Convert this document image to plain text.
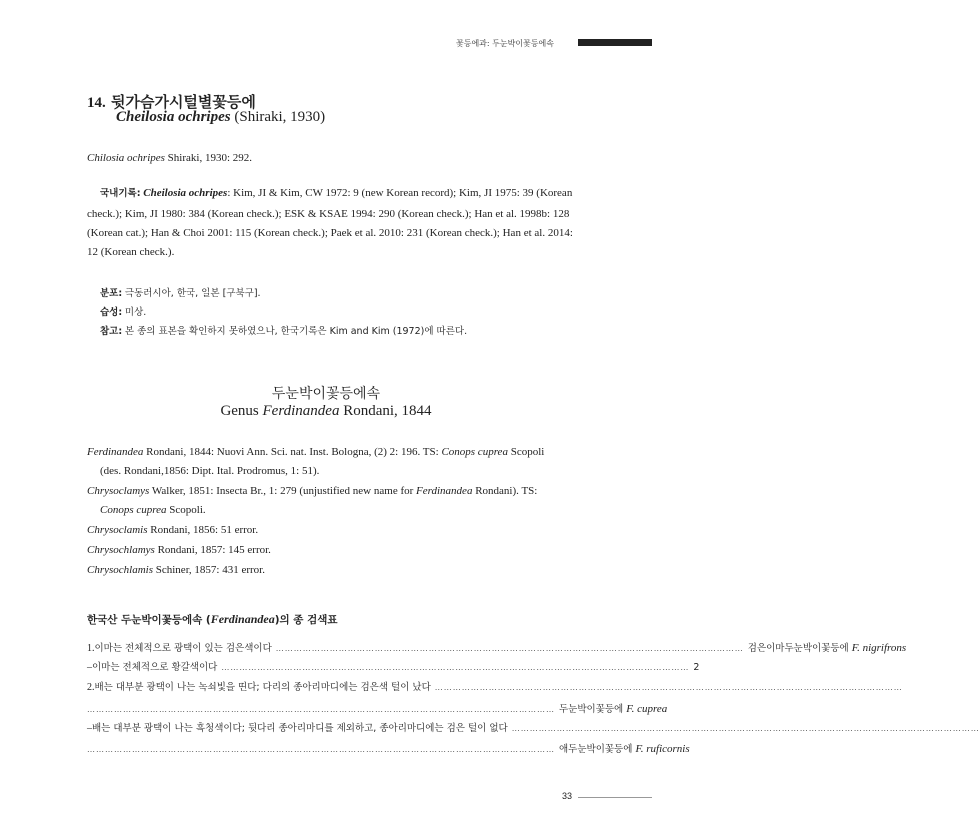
꽃등에과: 두눈박이꽃등에속
14. 뒷가슴가시털별꽃등에
Cheilosia ochripes (Shiraki, 1930)
Chilosia ochripes Shiraki, 1930: 292.
국내기록: Cheilosia ochripes: Kim, JI & Kim, CW 1972: 9 (new Korean record); Kim, JI 1975: 39 (Korean
check.); Kim, JI 1980: 384 (Korean check.); ESK & KSAE 1994: 290 (Korean check.); Han et al. 1998b: 128
(Korean cat.); Han & Choi 2001: 115 (Korean check.); Paek et al. 2010: 231 (Korean check.); Han et al. 2014:
12 (Korean check.).
분포: 극동러시아, 한국, 일본 [구북구].
습성: 미상.
참고: 본 종의 표본을 확인하지 못하였으나, 한국기록은 Kim and Kim (1972)에 따른다.
두눈박이꽃등에속
Genus Ferdinandea Rondani, 1844
Ferdinandea Rondani, 1844: Nuovi Ann. Sci. nat. Inst. Bologna, (2) 2: 196. TS: Conops cuprea Scopoli
(des. Rondani,1856: Dipt. Ital. Prodromus, 1: 51).
Chrysoclamys Walker, 1851: Insecta Br., 1: 279 (unjustified new name for Ferdinandea Rondani). TS:
Conops cuprea Scopoli.
Chrysoclamis Rondani, 1856: 51 error.
Chrysochlamys Rondani, 1857: 145 error.
Chrysochlamis Schiner, 1857: 431 error.
한국산 두눈박이꽃등에속 (Ferdinandea)의 종 검색표
1. 이마는 전체적으로 광택이 있는 검은색이다 ………………………………………………………………………………………………………………………………………… 검은이마두눈박이꽃등에 F. nigrifrons
– 이마는 전체적으로 황갈색이다 ………………………………………………………………………………………………………………………………………… 2
2. 배는 대부분 광택이 나는 녹쇠빛을 띤다; 다리의 종아리마디에는 검은색 털이 났다 …………………………………………………………………………………………………………………………………………
………………………………………………………………………………………………………………………………………… 두눈박이꽃등에 F. cuprea
– 배는 대부분 광택이 나는 흑청색이다; 뒷다리 종아리마디를 제외하고, 종아리마디에는 검은 털이 없다 …………………………………………………………………………………………………………………………………………
………………………………………………………………………………………………………………………………………… 애두눈박이꽃등에 F. ruficornis
33
